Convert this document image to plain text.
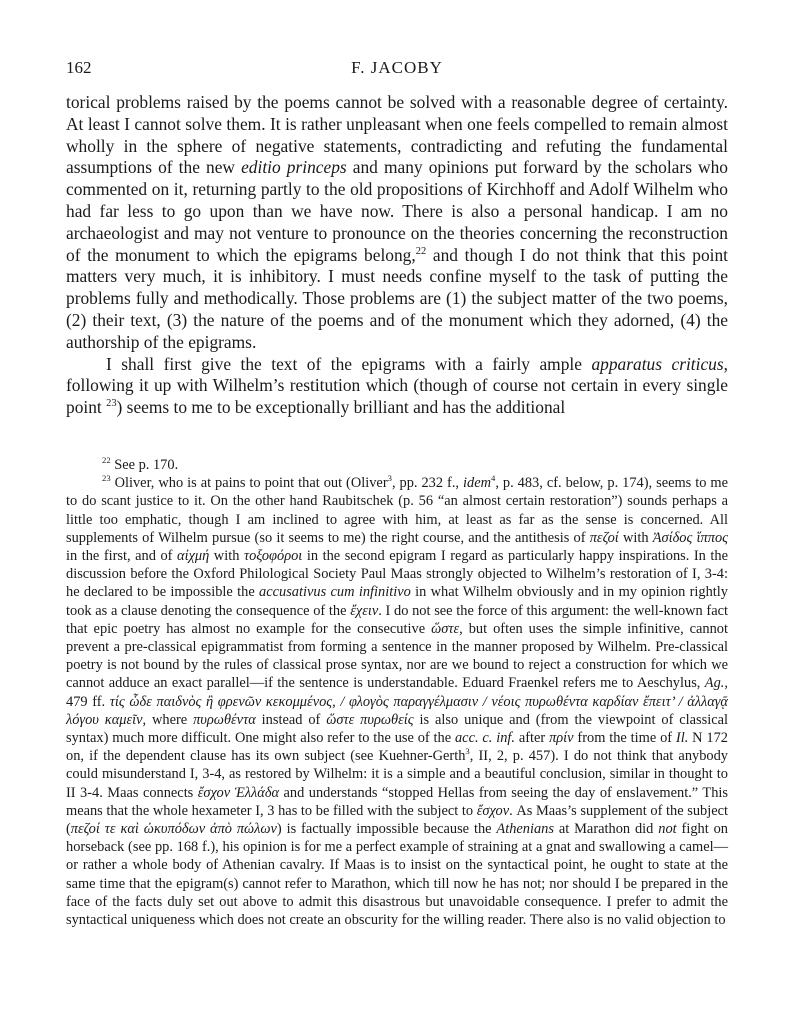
162	F. JACOBY

torical problems raised by the poems cannot be solved with a reasonable degree of certainty. At least I cannot solve them. It is rather unpleasant when one feels compelled to remain almost wholly in the sphere of negative statements, contradicting and refuting the fundamental assumptions of the new editio princeps and many opinions put forward by the scholars who commented on it, returning partly to the old propositions of Kirchhoff and Adolf Wilhelm who had far less to go upon than we have now. There is also a personal handicap. I am no archaeologist and may not venture to pronounce on the theories concerning the reconstruction of the monument to which the epigrams belong,$^{22}$ and though I do not think that this point matters very much, it is inhibitory. I must needs confine myself to the task of putting the problems fully and methodically. Those problems are (1) the subject matter of the two poems, (2) their text, (3) the nature of the poems and of the monument which they adorned, (4) the authorship of the epigrams.

I shall first give the text of the epigrams with a fairly ample apparatus criticus, following it up with Wilhelm’s restitution which (though of course not certain in every single point $^{23}$) seems to me to be exceptionally brilliant and has the additional

$^{22}$ See p. 170.

$^{23}$ Oliver, who is at pains to point that out (Oliver$^3$, pp. 232 f., idem$^4$, p. 483, cf. below, p. 174), seems to me to do scant justice to it. On the other hand Raubitschek (p. 56 “an almost certain restoration”) sounds perhaps a little too emphatic, though I am inclined to agree with him, at least as far as the sense is concerned. All supplements of Wilhelm pursue (so it seems to me) the right course, and the antithesis of πεζοί with Ἀσίδος ἵππος in the first, and of αἰχμή with τοξοφόροι in the second epigram I regard as particularly happy inspirations. In the discussion before the Oxford Philological Society Paul Maas strongly objected to Wilhelm’s restoration of I, 3-4: he declared to be impossible the accusativus cum infinitivo in what Wilhelm obviously and in my opinion rightly took as a clause denoting the consequence of the ἔχειν. I do not see the force of this argument: the well-known fact that epic poetry has almost no example for the consecutive ὥστε, but often uses the simple infinitive, cannot prevent a pre-classical epigrammatist from forming a sentence in the manner proposed by Wilhelm. Pre-classical poetry is not bound by the rules of classical prose syntax, nor are we bound to reject a construction for which we cannot adduce an exact parallel—if the sentence is understandable. Eduard Fraenkel refers me to Aeschylus, Ag., 479 ff. τίς ὧδε παιδνὸς ἢ φρενῶν κεκομμένος, / φλογὸς παραγγέλμασιν / νέοις πυρωθέντα καρδίαν ἔπειτ’ / ἀλλαγᾷ λόγου καμεῖν, where πυρωθέντα instead of ὥστε πυρωθείς is also unique and (from the viewpoint of classical syntax) much more difficult. One might also refer to the use of the acc. c. inf. after πρίν from the time of Il. N 172 on, if the dependent clause has its own subject (see Kuehner-Gerth$^3$, II, 2, p. 457). I do not think that anybody could misunderstand I, 3-4, as restored by Wilhelm: it is a simple and a beautiful conclusion, similar in thought to II 3-4. Maas connects ἔσχον Ἑλλάδα and understands “stopped Hellas from seeing the day of enslavement.” This means that the whole hexameter I, 3 has to be filled with the subject to ἔσχον. As Maas’s supplement of the subject (πεζοί τε καὶ ὠκυπόδων ἀπὸ πώλων) is factually impossible because the Athenians at Marathon did not fight on horseback (see pp. 168 f.), his opinion is for me a perfect example of straining at a gnat and swallowing a camel—or rather a whole body of Athenian cavalry. If Maas is to insist on the syntactical point, he ought to state at the same time that the epigram(s) cannot refer to Marathon, which till now he has not; nor should I be prepared in the face of the facts duly set out above to admit this disastrous but unavoidable consequence. I prefer to admit the syntactical uniqueness which does not create an obscurity for the willing reader. There also is no valid objection to
